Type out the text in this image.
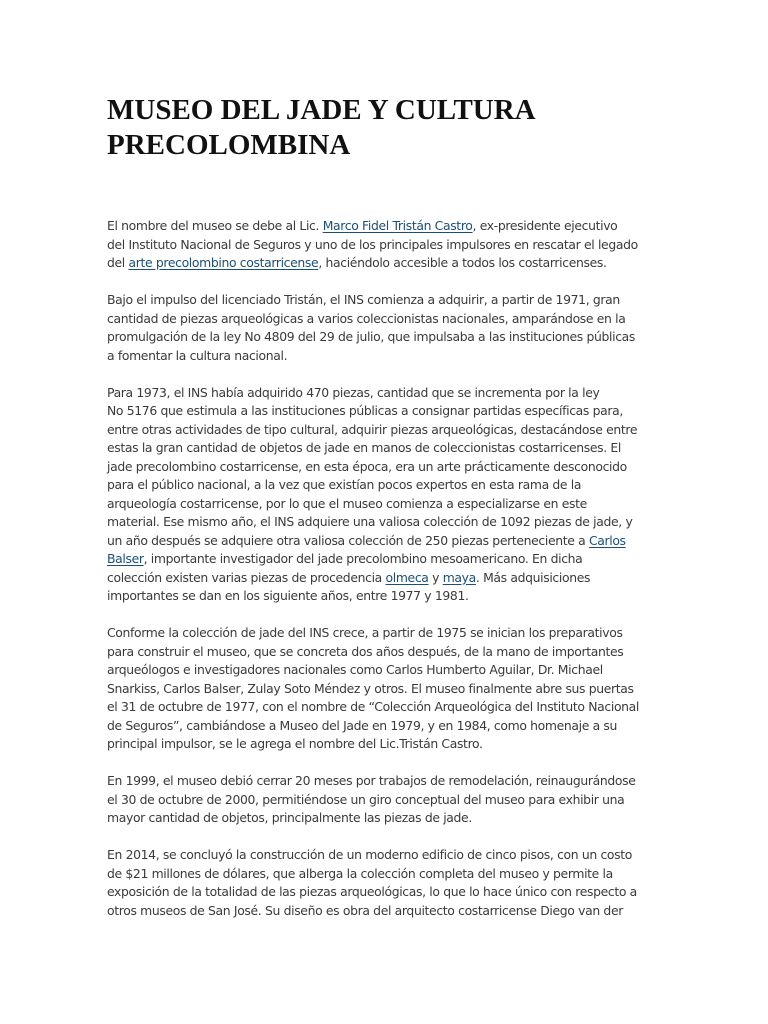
MUSEO DEL JADE Y CULTURA
PRECOLOMBINA

El nombre del museo se debe al Lic. Marco Fidel Tristán Castro, ex-presidente ejecutivo
del Instituto Nacional de Seguros y uno de los principales impulsores en rescatar el legado
del arte precolombino costarricense, haciéndolo accesible a todos los costarricenses.

Bajo el impulso del licenciado Tristán, el INS comienza a adquirir, a partir de 1971, gran
cantidad de piezas arqueológicas a varios coleccionistas nacionales, amparándose en la
promulgación de la ley No 4809 del 29 de julio, que impulsaba a las instituciones públicas
a fomentar la cultura nacional.

Para 1973, el INS había adquirido 470 piezas, cantidad que se incrementa por la ley
No 5176 que estimula a las instituciones públicas a consignar partidas específicas para,
entre otras actividades de tipo cultural, adquirir piezas arqueológicas, destacándose entre
estas la gran cantidad de objetos de jade en manos de coleccionistas costarricenses. El
jade precolombino costarricense, en esta época, era un arte prácticamente desconocido
para el público nacional, a la vez que existían pocos expertos en esta rama de la
arqueología costarricense, por lo que el museo comienza a especializarse en este
material. Ese mismo año, el INS adquiere una valiosa colección de 1092 piezas de jade, y
un año después se adquiere otra valiosa colección de 250 piezas perteneciente a Carlos
Balser, importante investigador del jade precolombino mesoamericano. En dicha
colección existen varias piezas de procedencia olmeca y maya. Más adquisiciones
importantes se dan en los siguiente años, entre 1977 y 1981.

Conforme la colección de jade del INS crece, a partir de 1975 se inician los preparativos
para construir el museo, que se concreta dos años después, de la mano de importantes
arqueólogos e investigadores nacionales como Carlos Humberto Aguilar, Dr. Michael
Snarkiss, Carlos Balser, Zulay Soto Méndez y otros. El museo finalmente abre sus puertas
el 31 de octubre de 1977, con el nombre de “Colección Arqueológica del Instituto Nacional
de Seguros”, cambiándose a Museo del Jade en 1979, y en 1984, como homenaje a su
principal impulsor, se le agrega el nombre del Lic.Tristán Castro.

En 1999, el museo debió cerrar 20 meses por trabajos de remodelación, reinaugurándose
el 30 de octubre de 2000, permitiéndose un giro conceptual del museo para exhibir una
mayor cantidad de objetos, principalmente las piezas de jade.

En 2014, se concluyó la construcción de un moderno edificio de cinco pisos, con un costo
de $21 millones de dólares, que alberga la colección completa del museo y permite la
exposición de la totalidad de las piezas arqueológicas, lo que lo hace único con respecto a
otros museos de San José. Su diseño es obra del arquitecto costarricense Diego van der
